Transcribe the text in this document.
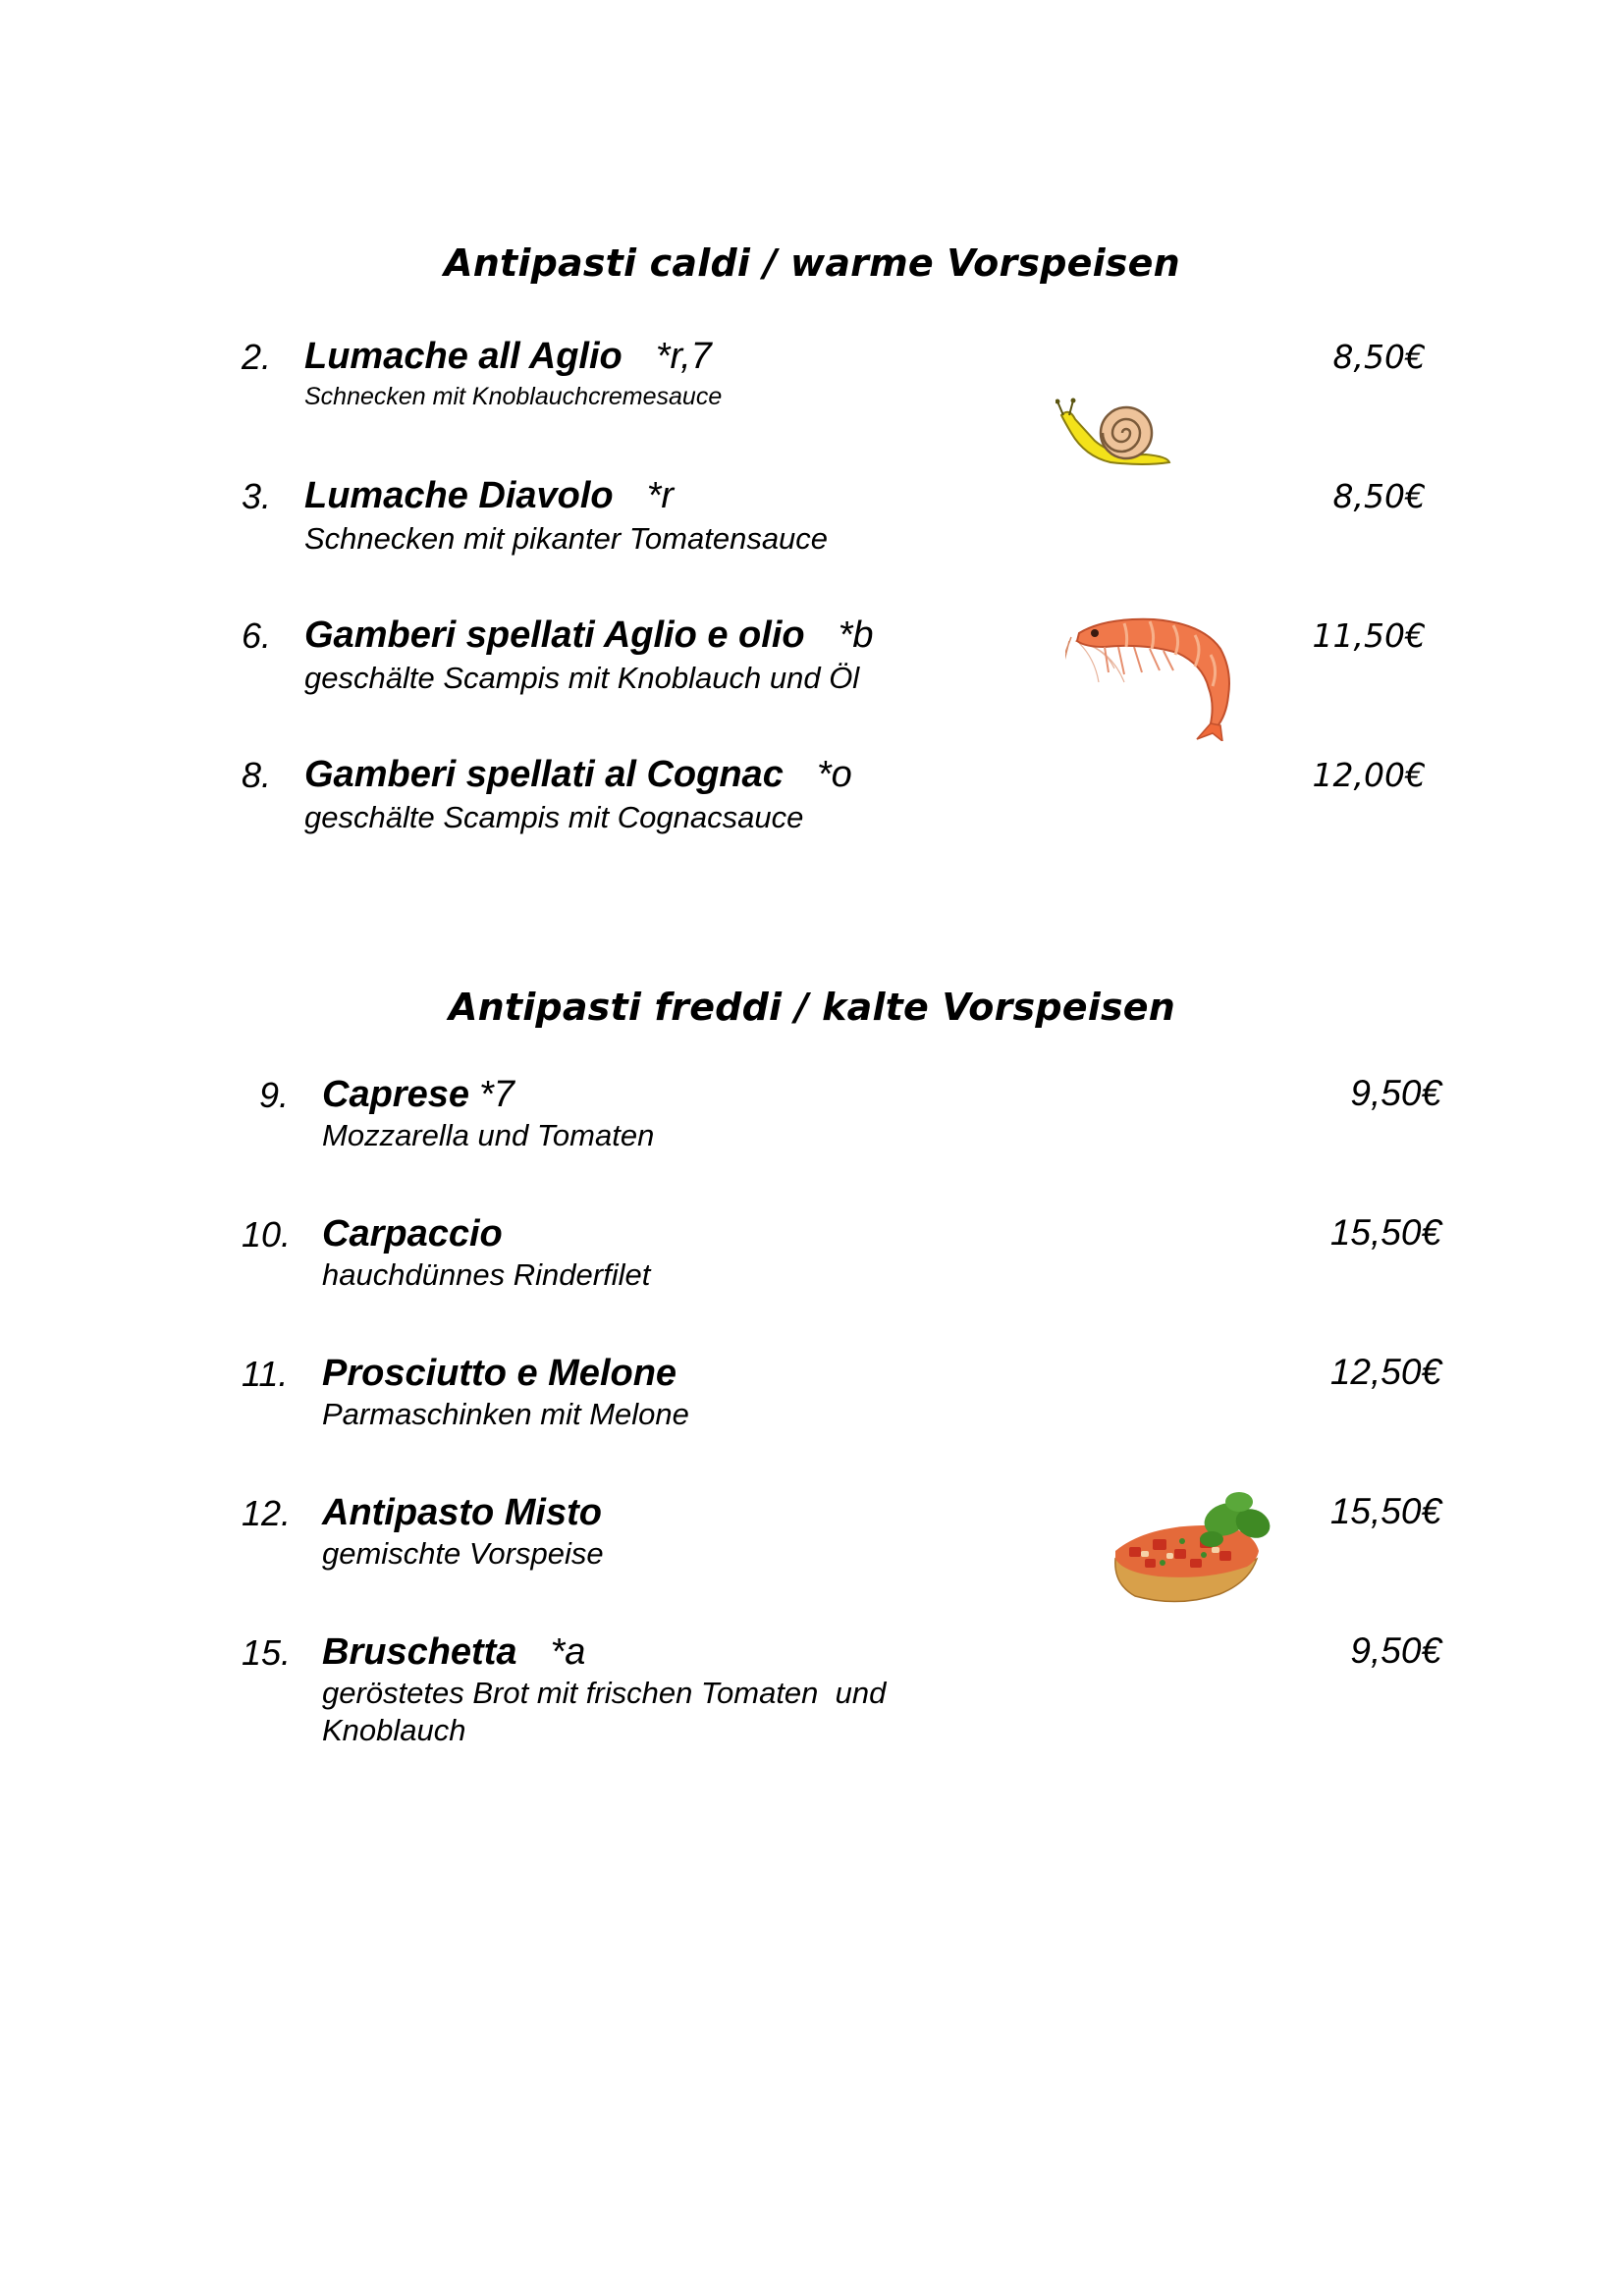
Antipasti caldi / warme Vorspeisen
2. Lumache all Aglio *r,7
Schnecken mit Knoblauchcremesauce
8,50€
3. Lumache Diavolo *r
Schnecken mit pikanter Tomatensauce
8,50€
6. Gamberi spellati Aglio e olio *b
geschälte Scampis mit Knoblauch und Öl
11,50€
8. Gamberi spellati al Cognac *o
geschälte Scampis mit Cognacsauce
12,00€
Antipasti freddi / kalte Vorspeisen
9. Caprese *7
Mozzarella und Tomaten
9,50€
10. Carpaccio
hauchdünnes Rinderfilet
15,50€
11. Prosciutto e Melone
Parmaschinken mit Melone
12,50€
12. Antipasto Misto
gemischte Vorspeise
15,50€
15. Bruschetta *a
geröstetes Brot mit frischen Tomaten  und
Knoblauch
9,50€
